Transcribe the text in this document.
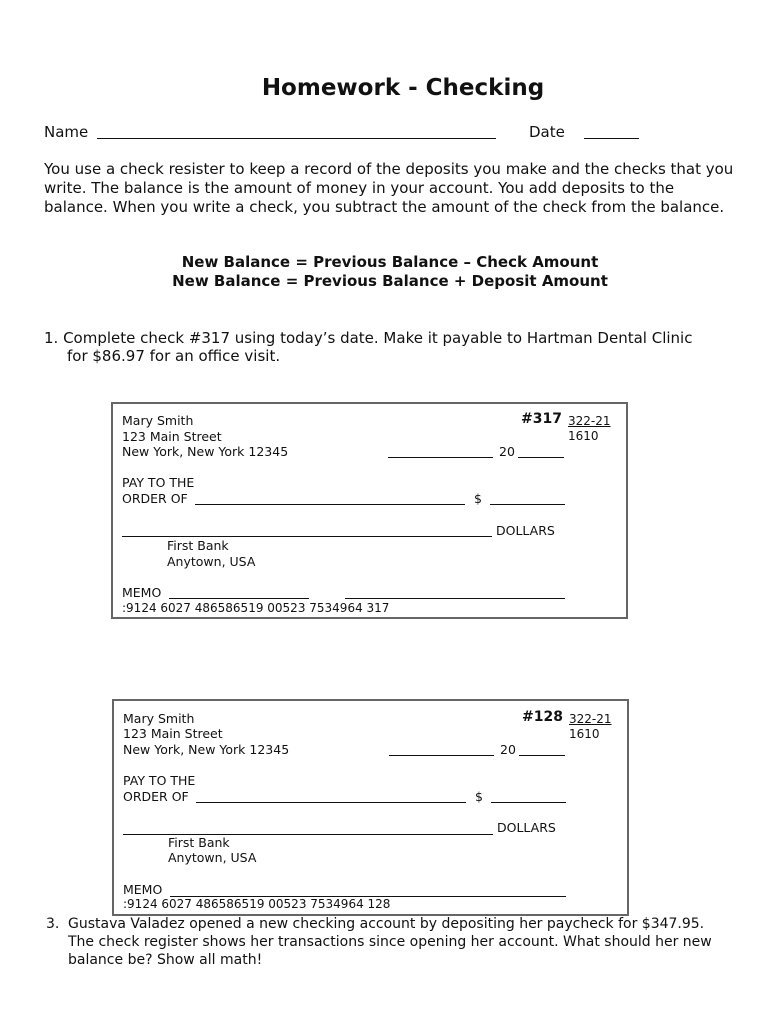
Homework - Checking
Name	Date
You use a check resister to keep a record of the deposits you make and the checks that you write. The balance is the amount of money in your account. You add deposits to the balance. When you write a check, you subtract the amount of the check from the balance.
New Balance = Previous Balance – Check Amount
New Balance = Previous Balance + Deposit Amount
1. Complete check #317 using today’s date. Make it payable to Hartman Dental Clinic
for $86.97 for an office visit.
Mary Smith
123 Main Street
New York, New York 12345
#317 322-21
1610
20
PAY TO THE
ORDER OF	$
DOLLARS
First Bank
Anytown, USA
MEMO
:9124 6027 486586519 00523 7534964 317
Mary Smith
123 Main Street
New York, New York 12345
#128 322-21
1610
20
PAY TO THE
ORDER OF	$
DOLLARS
First Bank
Anytown, USA
MEMO
:9124 6027 486586519 00523 7534964 128
3. Gustava Valadez opened a new checking account by depositing her paycheck for $347.95. The check register shows her transactions since opening her account. What should her new balance be? Show all math!
